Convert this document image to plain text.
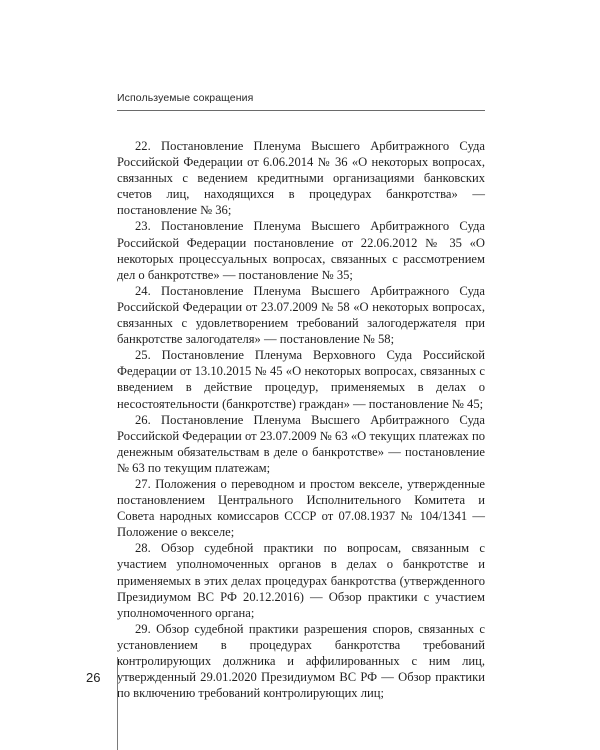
Используемые сокращения

22. Постановление Пленума Высшего Арбитражного Суда Российской Федерации от 6.06.2014 № 36 «О некоторых вопросах, связанных с ведением кредитными организациями банковских счетов лиц, находящихся в процедурах банкротства» — постановление № 36;

23. Постановление Пленума Высшего Арбитражного Суда Российской Федерации постановление от 22.06.2012 № 35 «О некоторых процессуальных вопросах, связанных с рассмотрением дел о банкротстве» — постановление № 35;

24. Постановление Пленума Высшего Арбитражного Суда Российской Федерации от 23.07.2009 № 58 «О некоторых вопросах, связанных с удовлетворением требований залогодержателя при банкротстве залогодателя» — постановление № 58;

25. Постановление Пленума Верховного Суда Российской Федерации от 13.10.2015 № 45 «О некоторых вопросах, связанных с введением в действие процедур, применяемых в делах о несостоятельности (банкротстве) граждан» — постановление № 45;

26. Постановление Пленума Высшего Арбитражного Суда Российской Федерации от 23.07.2009 № 63 «О текущих платежах по денежным обязательствам в деле о банкротстве» — постановление № 63 по текущим платежам;

27. Положения о переводном и простом векселе, утвержденные постановлением Центрального Исполнительного Комитета и Совета народных комиссаров СССР от 07.08.1937 № 104/1341 — Положение о векселе;

28. Обзор судебной практики по вопросам, связанным с участием уполномоченных органов в делах о банкротстве и применяемых в этих делах процедурах банкротства (утвержденного Президиумом ВС РФ 20.12.2016) — Обзор практики с участием уполномоченного органа;

29. Обзор судебной практики разрешения споров, связанных с установлением в процедурах банкротства требований контролирующих должника и аффилированных с ним лиц, утвержденный 29.01.2020 Президиумом ВС РФ — Обзор практики по включению требований контролирующих лиц;

26
